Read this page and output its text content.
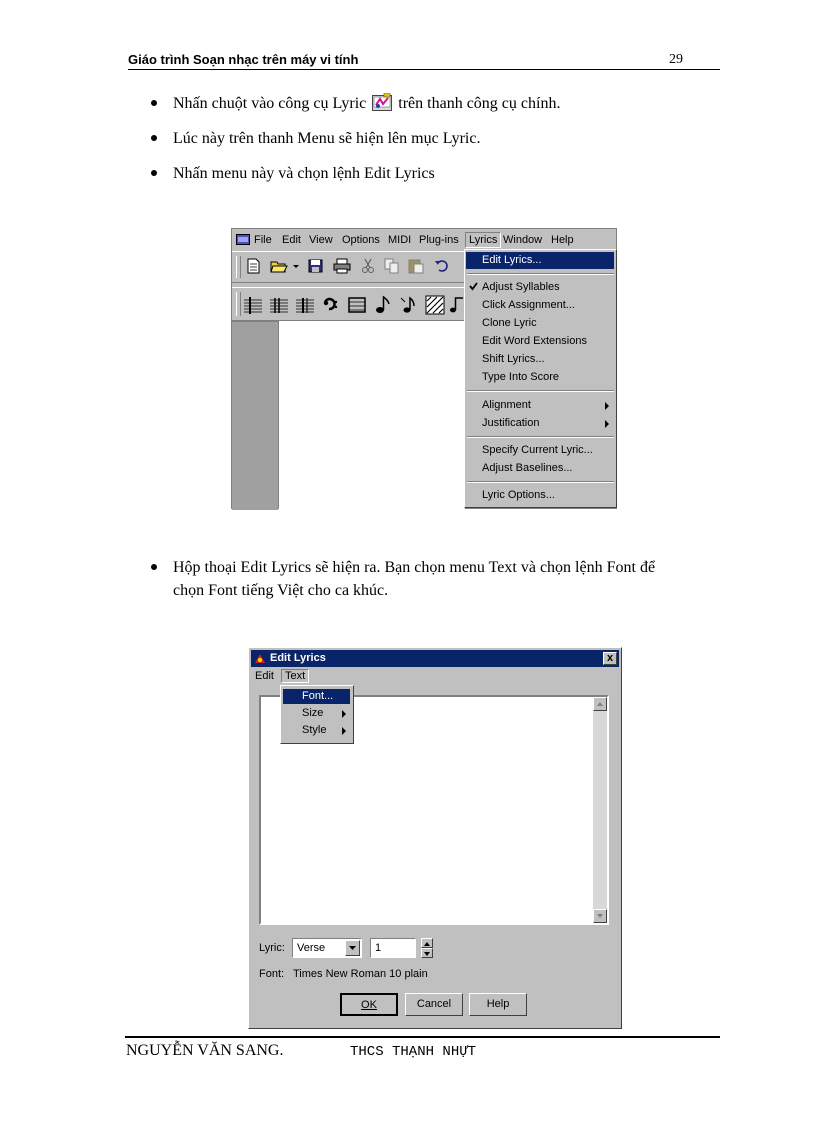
Giáo trình Soạn nhạc trên máy vi tính	29
Nhấn chuột vào công cụ Lyric trên thanh công cụ chính.
Lúc này trên thanh Menu sẽ hiện lên mục Lyric.
Nhấn menu này và chọn lệnh Edit Lyrics
File Edit View Options MIDI Plug-ins Lyrics Window Help
Edit Lyrics...
Adjust Syllables
Click Assignment...
Clone Lyric
Edit Word Extensions
Shift Lyrics...
Type Into Score
Alignment
Justification
Specify Current Lyric...
Adjust Baselines...
Lyric Options...
Hộp thoại Edit Lyrics sẽ hiện ra. Bạn chọn menu Text và chọn lệnh Font để
chọn Font tiếng Việt cho ca khúc.
Edit Lyrics	x
Edit	Text
Font...
Size
Style
Lyric: Verse	1
Font: Times New Roman 10 plain
OK	Cancel	Help
NGUYỄN VĂN SANG.	THCS THẠNH NHỰT
